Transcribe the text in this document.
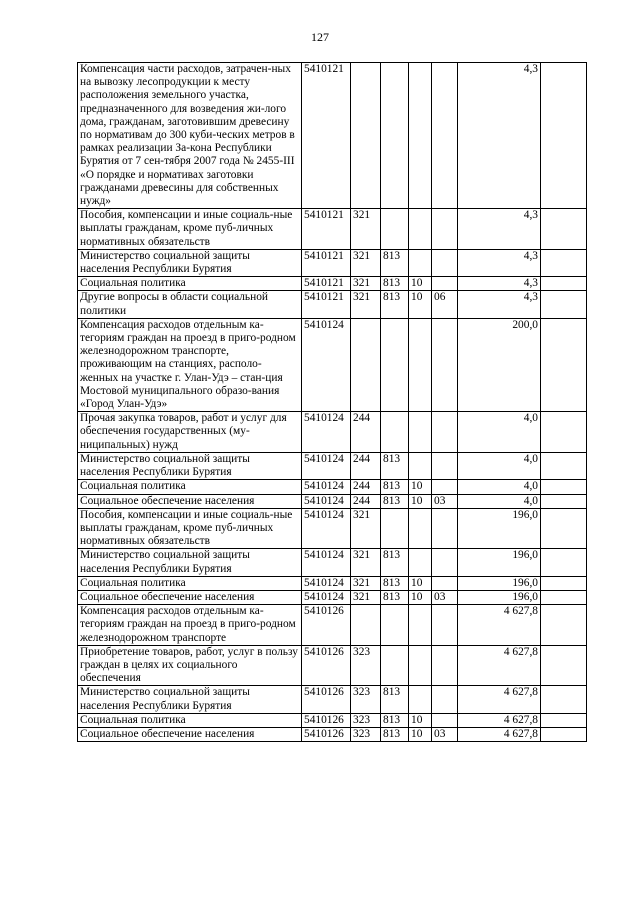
127
Компенсация части расходов, затрачен-ных на вывозку лесопродукции к месту расположения земельного участка, предназначенного для возведения жи-лого дома, гражданам, заготовившим древесину по нормативам до 300 куби-ческих метров в рамках реализации За-кона Республики Бурятия от 7 сен-тября 2007 года № 2455-III «О порядке и нормативах заготовки гражданами древесины для собственных нужд»	5410121					4,3	
Пособия, компенсации и иные социаль-ные выплаты гражданам, кроме пуб-личных нормативных обязательств	5410121	321				4,3	
Министерство социальной защиты населения Республики Бурятия	5410121	321	813			4,3	
Социальная политика	5410121	321	813	10		4,3	
Другие вопросы в области социальной политики	5410121	321	813	10	06	4,3	
Компенсация расходов отдельным ка-тегориям граждан на проезд в приго-родном железнодорожном транспорте, проживающим на станциях, располо-женных на участке г. Улан-Удэ – стан-ция Мостовой муниципального образо-вания «Город Улан-Удэ»	5410124					200,0	
Прочая закупка товаров, работ и услуг для обеспечения государственных (му-ниципальных) нужд	5410124	244				4,0	
Министерство социальной защиты населения Республики Бурятия	5410124	244	813			4,0	
Социальная политика	5410124	244	813	10		4,0	
Социальное обеспечение населения	5410124	244	813	10	03	4,0	
Пособия, компенсации и иные социаль-ные выплаты гражданам, кроме пуб-личных нормативных обязательств	5410124	321				196,0	
Министерство социальной защиты населения Республики Бурятия	5410124	321	813			196,0	
Социальная политика	5410124	321	813	10		196,0	
Социальное обеспечение населения	5410124	321	813	10	03	196,0	
Компенсация расходов отдельным ка-тегориям граждан на проезд в приго-родном железнодорожном транспорте	5410126					4 627,8	
Приобретение товаров, работ, услуг в пользу граждан в целях их социального обеспечения	5410126	323				4 627,8	
Министерство социальной защиты населения Республики Бурятия	5410126	323	813			4 627,8	
Социальная политика	5410126	323	813	10		4 627,8	
Социальное обеспечение населения	5410126	323	813	10	03	4 627,8	
